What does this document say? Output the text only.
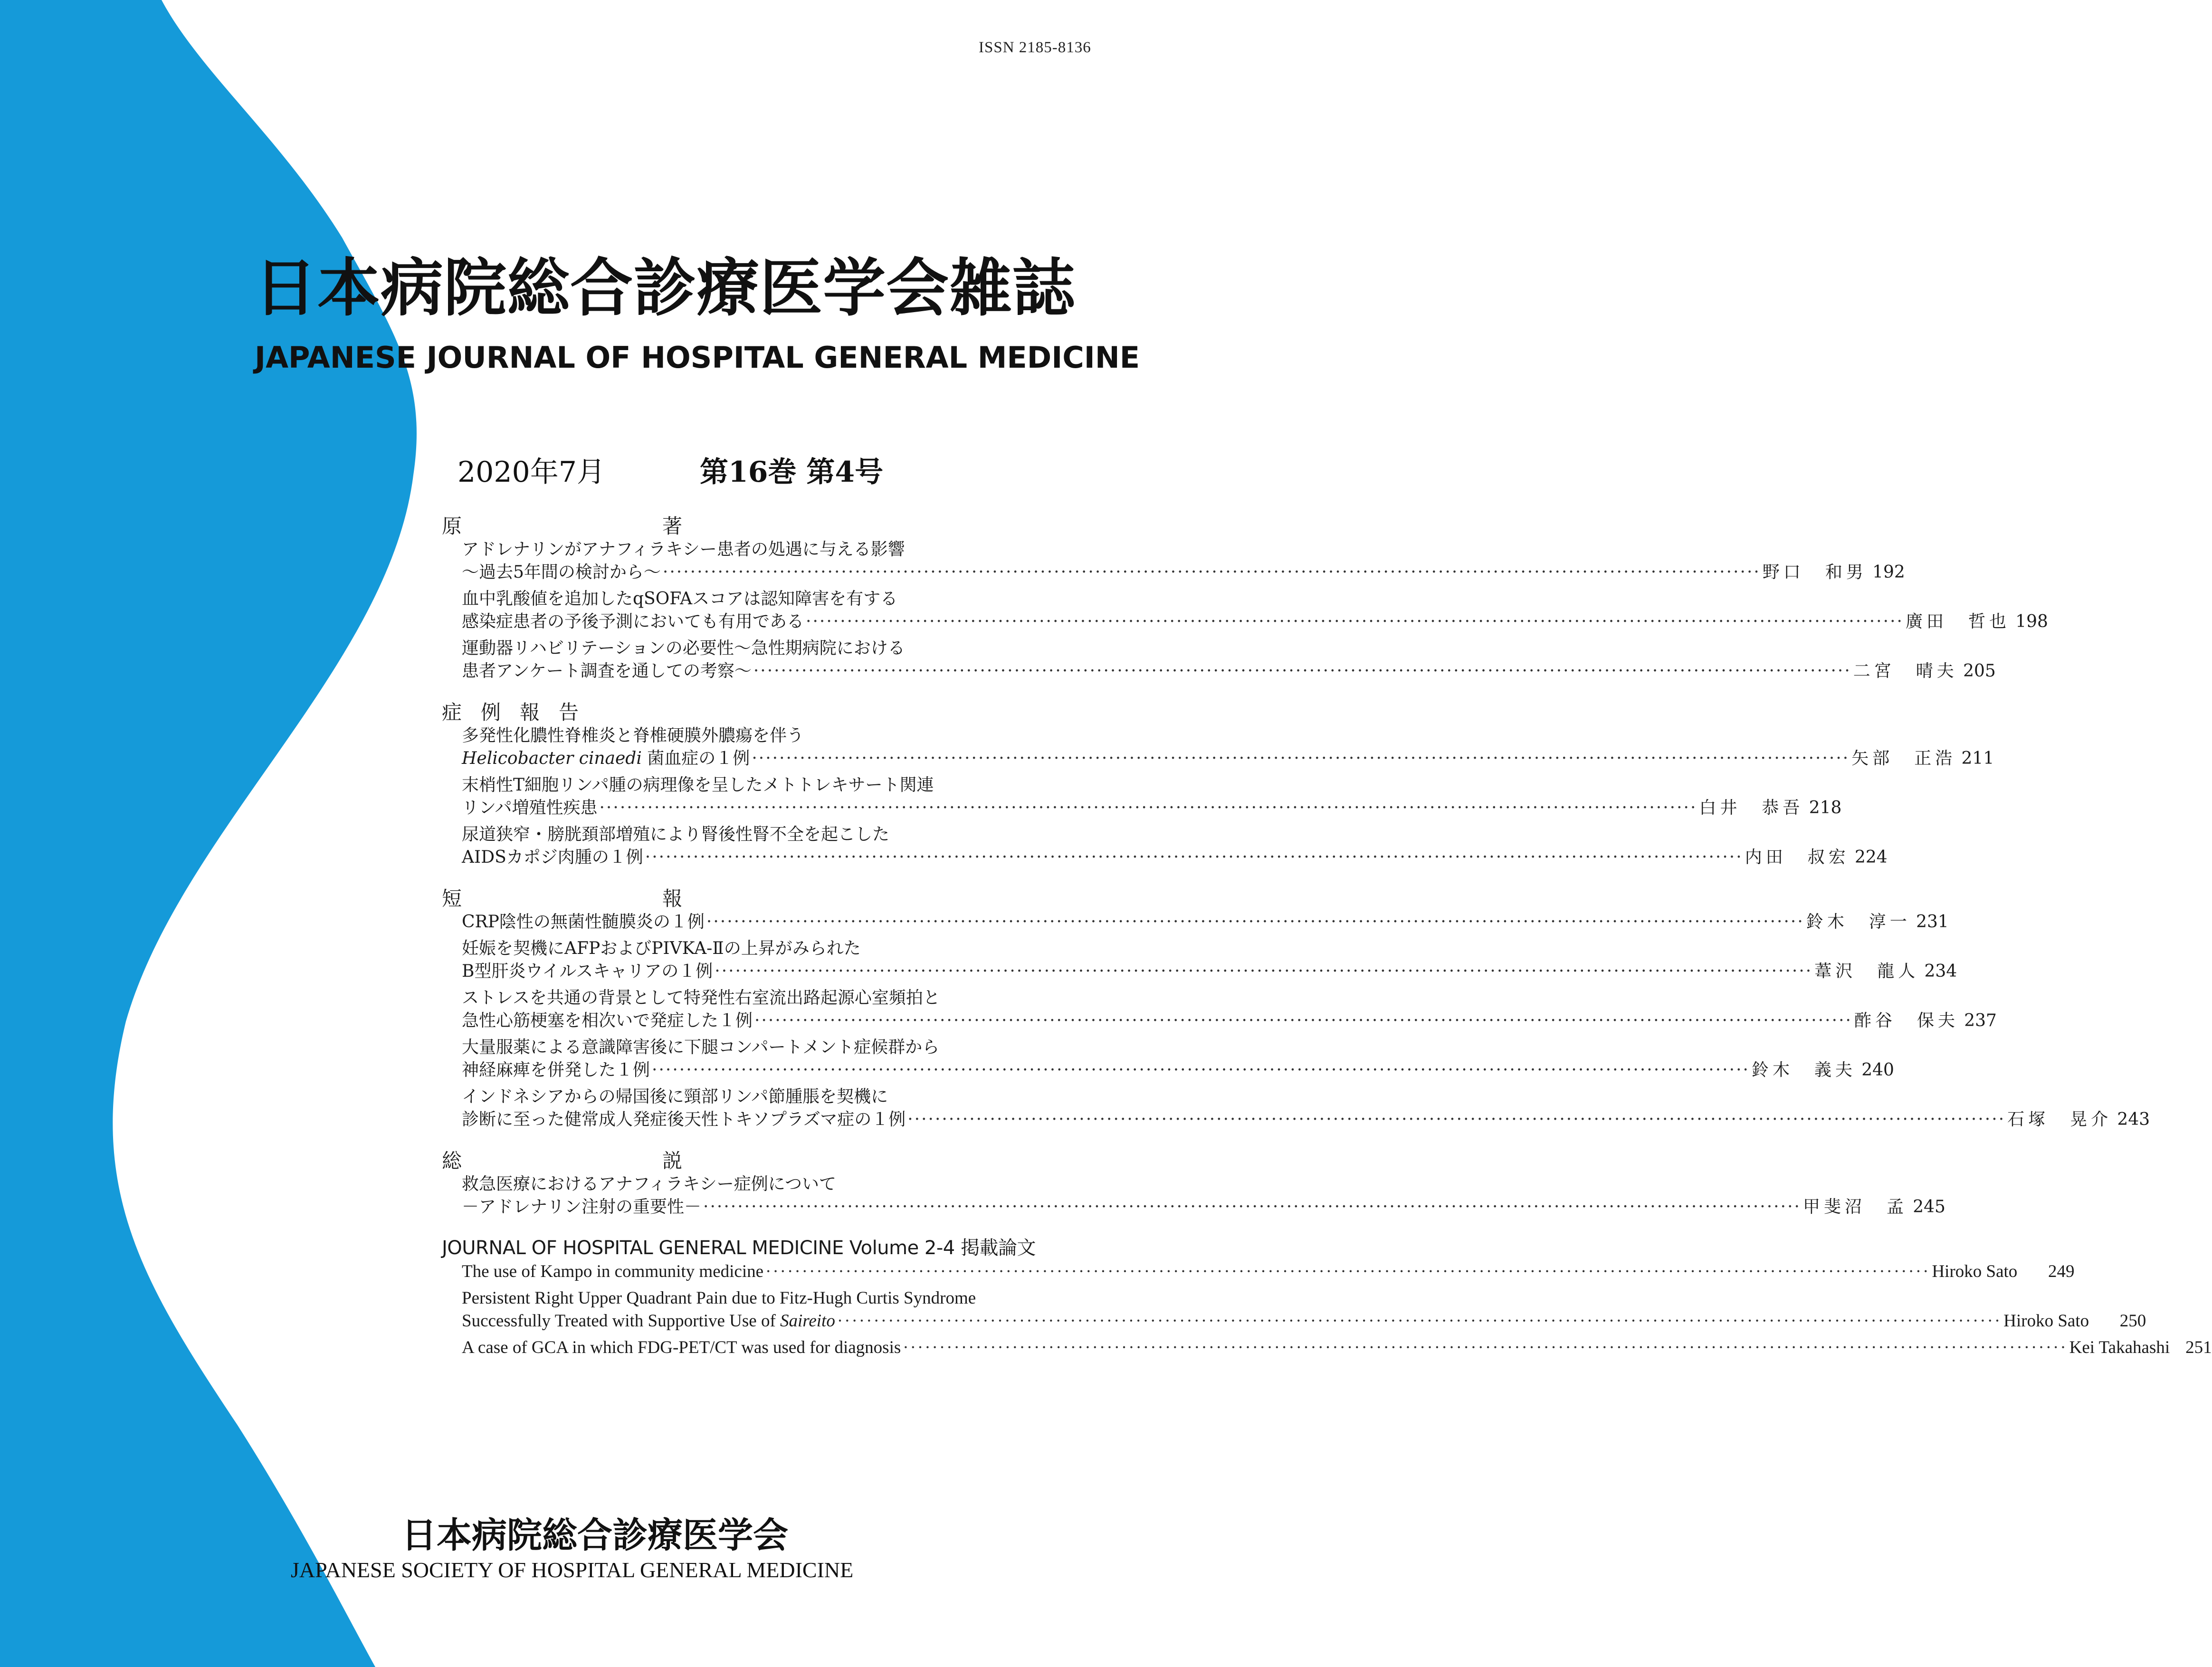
ISSN 2185-8136
日本病院総合診療医学会雑誌
JAPANESE JOURNAL OF HOSPITAL GENERAL MEDICINE
2020年7月	第16巻 第4号
原　著
アドレナリンがアナフィラキシー患者の処遇に与える影響
～過去5年間の検討から～ ································································································································································ 野口　和男 192
血中乳酸値を追加したqSOFAスコアは認知障害を有する
感染症患者の予後予測においても有用である ································································································································································ 廣田　哲也 198
運動器リハビリテーションの必要性～急性期病院における
患者アンケート調査を通しての考察～ ································································································································································ 二宮　晴夫 205
症例報告
多発性化膿性脊椎炎と脊椎硬膜外膿瘍を伴う
Helicobacter cinaedi 菌血症の１例 ································································································································································ 矢部　正浩 211
末梢性T細胞リンパ腫の病理像を呈したメトトレキサート関連
リンパ増殖性疾患 ································································································································································ 白井　恭吾 218
尿道狭窄・膀胱頚部増殖により腎後性腎不全を起こした
AIDSカポジ肉腫の１例 ································································································································································ 内田　叔宏 224
短　報
CRP陰性の無菌性髄膜炎の１例 ································································································································································ 鈴木　淳一 231
妊娠を契機にAFPおよびPIVKA-Ⅱの上昇がみられた
B型肝炎ウイルスキャリアの１例 ································································································································································ 葦沢　龍人 234
ストレスを共通の背景として特発性右室流出路起源心室頻拍と
急性心筋梗塞を相次いで発症した１例 ································································································································································ 酢谷　保夫 237
大量服薬による意識障害後に下腿コンパートメント症候群から
神経麻痺を併発した１例 ································································································································································ 鈴木　義夫 240
インドネシアからの帰国後に頸部リンパ節腫脹を契機に
診断に至った健常成人発症後天性トキソプラズマ症の１例 ································································································································································ 石塚　晃介 243
総　説
救急医療におけるアナフィラキシー症例について
－アドレナリン注射の重要性－ ································································································································································ 甲斐沼　孟 245
JOURNAL OF HOSPITAL GENERAL MEDICINE Volume 2-4 掲載論文
The use of Kampo in community medicine ································································································································································ Hiroko Sato	249
Persistent Right Upper Quadrant Pain due to Fitz-Hugh Curtis Syndrome
Successfully Treated with Supportive Use of Saireito ································································································································································ Hiroko Sato	250
A case of GCA in which FDG-PET/CT was used for diagnosis ································································································································································ Kei Takahashi 251
日本病院総合診療医学会
JAPANESE SOCIETY OF HOSPITAL GENERAL MEDICINE
